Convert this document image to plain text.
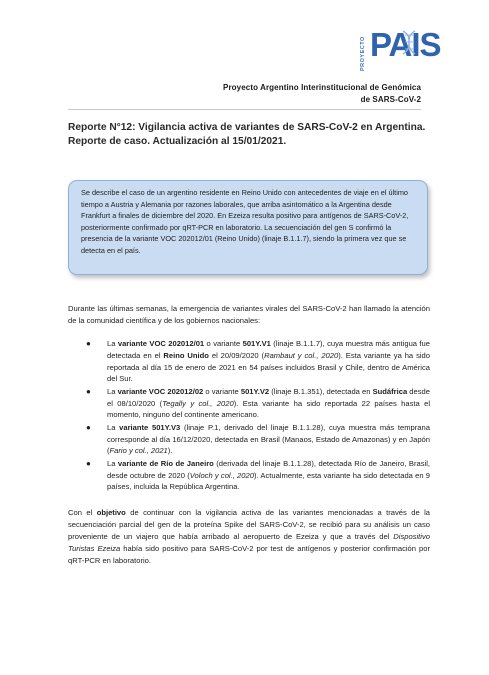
PROYECTO PAIS
Proyecto Argentino Interinstitucional de Genómica
de SARS-CoV-2
Reporte N°12: Vigilancia activa de variantes de SARS-CoV-2 en Argentina.
Reporte de caso. Actualización al 15/01/2021.
Se describe el caso de un argentino residente en Reino Unido con antecedentes de viaje en el último tiempo a Austria y Alemania por razones laborales, que arriba asintomático a la Argentina desde Frankfurt a finales de diciembre del 2020. En Ezeiza resulta positivo para antígenos de SARS-CoV-2, posteriormente confirmado por qRT-PCR en laboratorio. La secuenciación del gen S confirmó la presencia de la variante VOC 202012/01 (Reino Unido) (linaje B.1.1.7), siendo la primera vez que se detecta en el país.

Durante las últimas semanas, la emergencia de variantes virales del SARS-CoV-2 han llamado la atención de la comunidad científica y de los gobiernos nacionales:

● La variante VOC 202012/01 o variante 501Y.V1 (linaje B.1.1.7), cuya muestra más antigua fue detectada en el Reino Unido el 20/09/2020 (Rambaut y col., 2020). Esta variante ya ha sido reportada al día 15 de enero de 2021 en 54 países incluidos Brasil y Chile, dentro de América del Sur.
● La variante VOC 202012/02 o variante 501Y.V2 (linaje B.1.351), detectada en Sudáfrica desde el 08/10/2020 (Tegally y col., 2020). Esta variante ha sido reportada 22 países hasta el momento, ninguno del continente americano.
● La variante 501Y.V3 (linaje P.1, derivado del linaje B.1.1.28), cuya muestra más temprana corresponde al día 16/12/2020, detectada en Brasil (Manaos, Estado de Amazonas) y en Japón (Fario y col., 2021).
● La variante de Río de Janeiro (derivada del linaje B.1.1.28), detectada Río de Janeiro, Brasil, desde octubre de 2020 (Voloch y col., 2020). Actualmente, esta variante ha sido detectada en 9 países, incluida la República Argentina.

Con el objetivo de continuar con la vigilancia activa de las variantes mencionadas a través de la secuenciación parcial del gen de la proteína Spike del SARS-CoV-2, se recibió para su análisis un caso proveniente de un viajero que había arribado al aeropuerto de Ezeiza y que a través del Dispositivo Turistas Ezeiza había sido positivo para SARS-CoV-2 por test de antígenos y posterior confirmación por qRT-PCR en laboratorio.
